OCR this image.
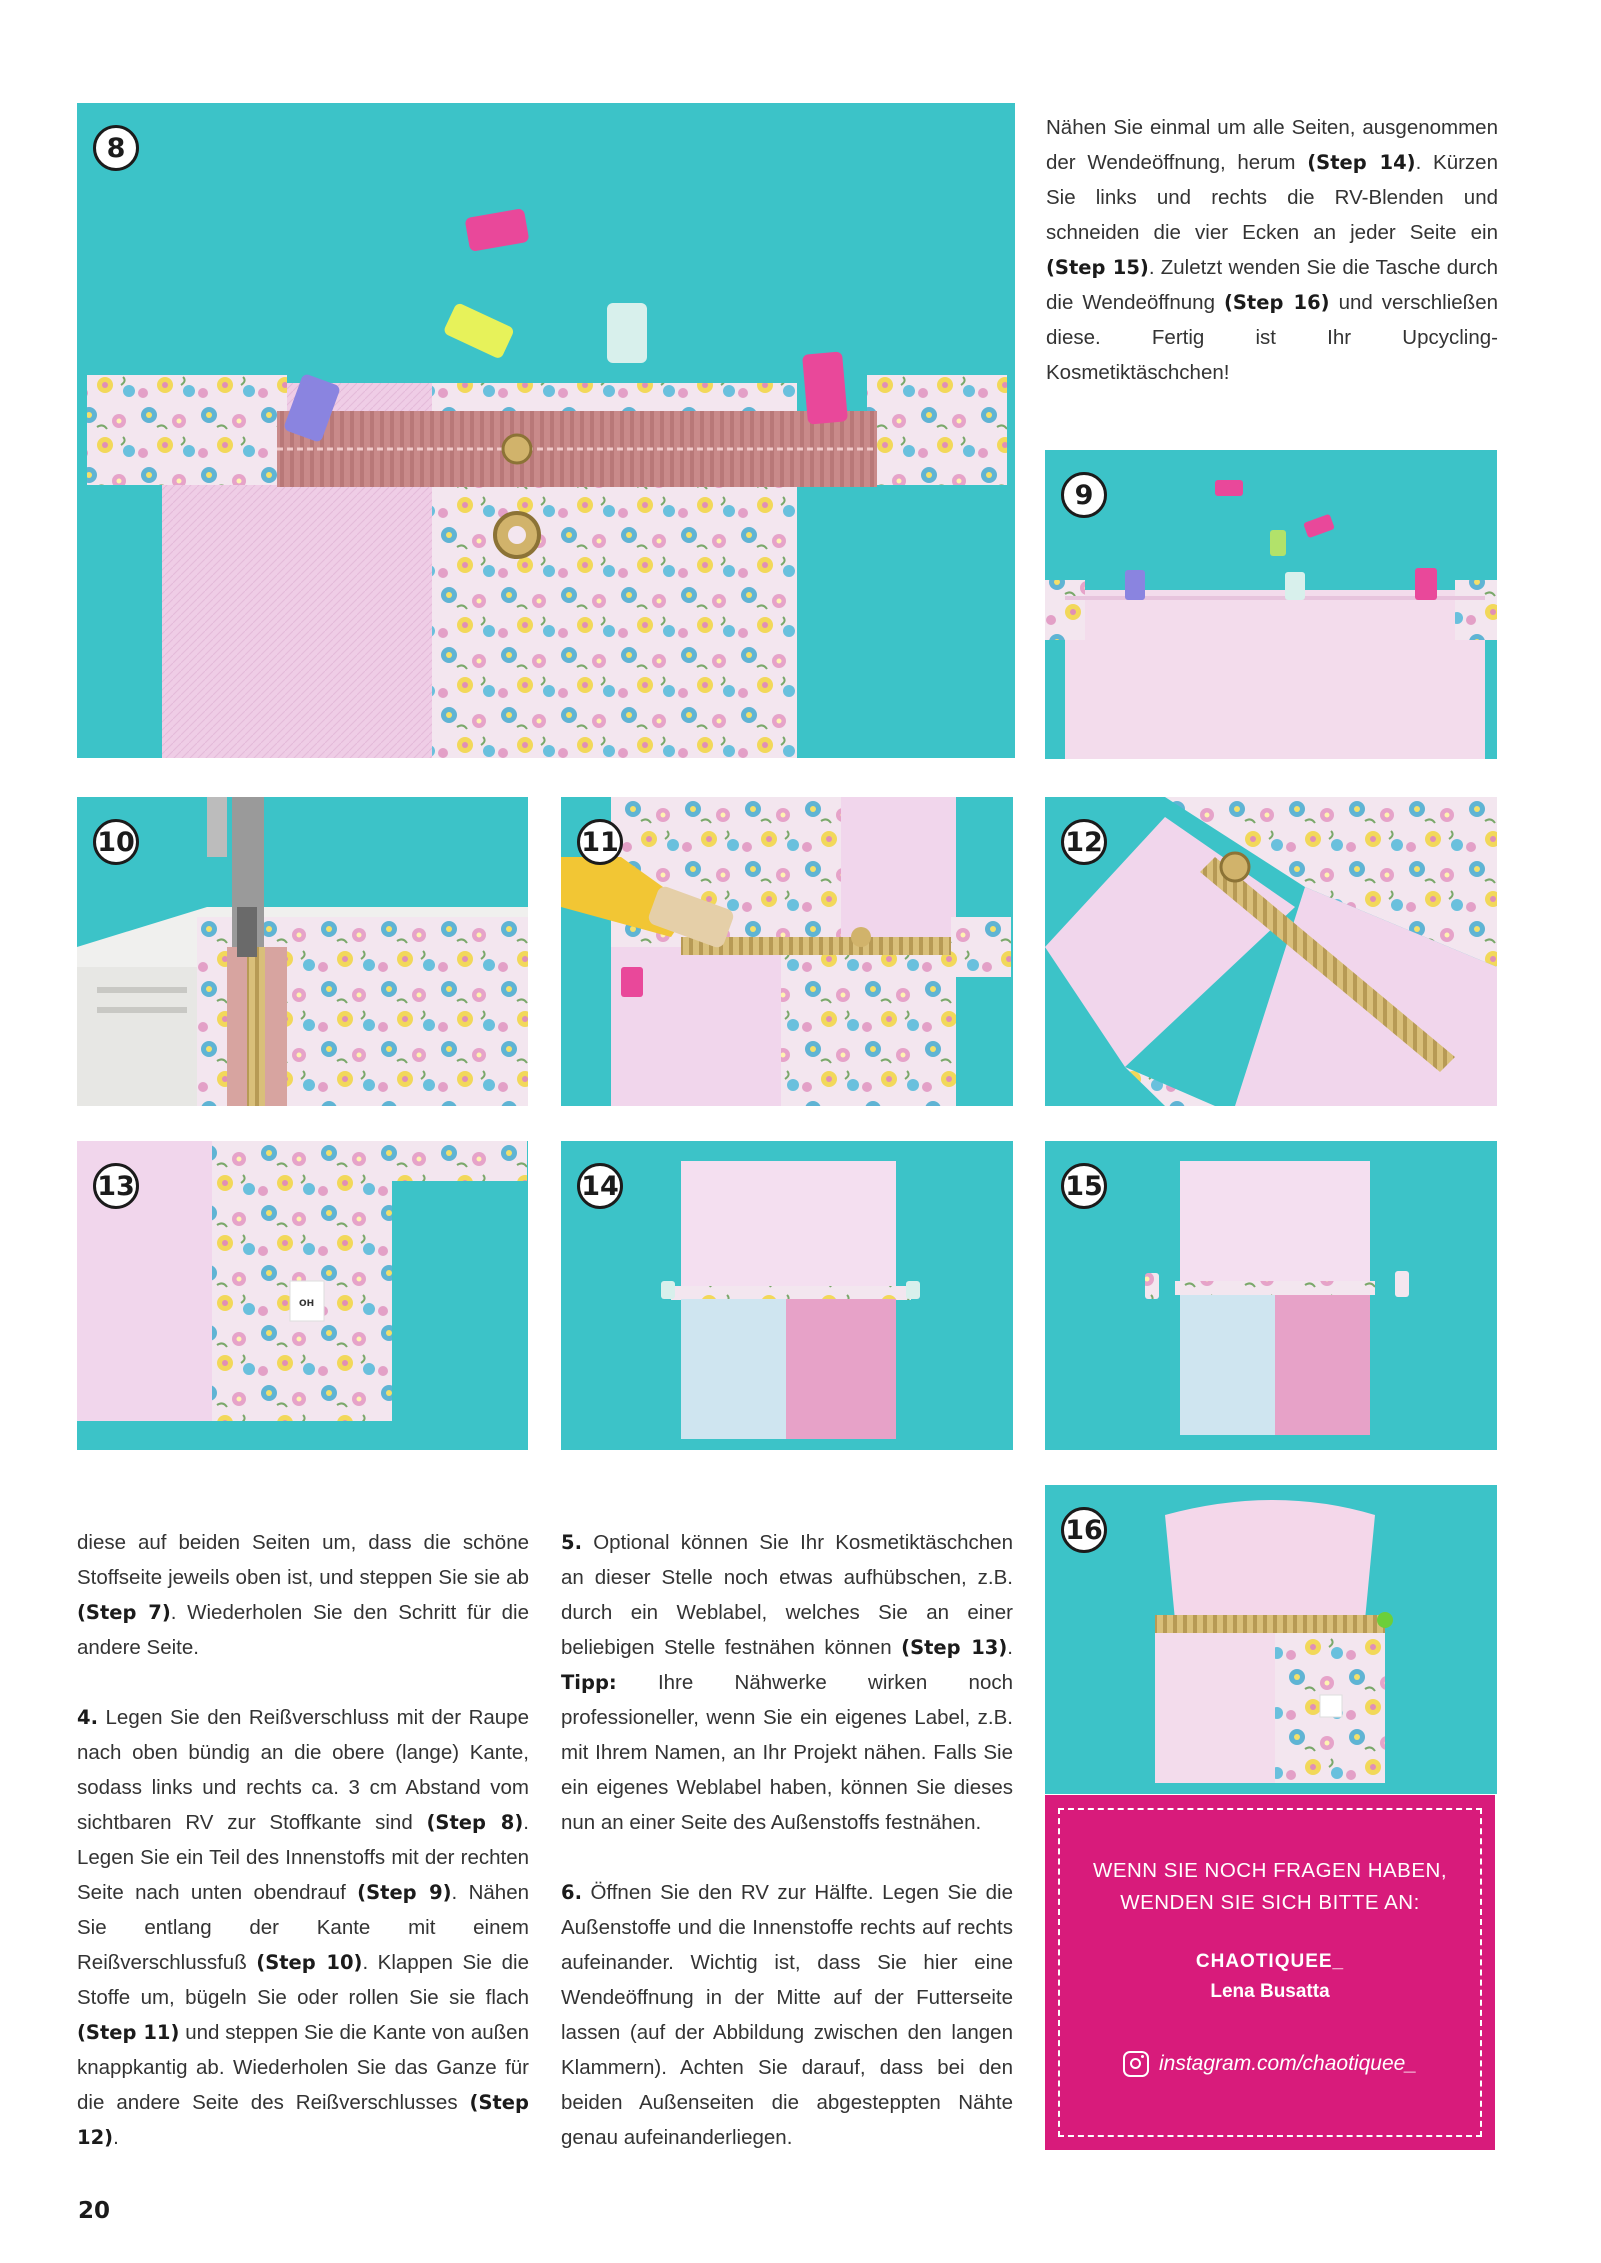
8

Nähen Sie einmal um alle Seiten, ausgenommen der Wendeöffnung, herum (Step 14). Kürzen Sie links und rechts die RV-Blenden und schneiden die vier Ecken an jeder Seite ein (Step 15). Zuletzt wenden Sie die Tasche durch die Wendeöffnung (Step 16) und verschließen diese. Fertig ist Ihr Upcycling-Kosmetiktäschchen!

9
10	11	12
OH
13	14	15
16

diese auf beiden Seiten um, dass die schöne Stoffseite jeweils oben ist, und steppen Sie sie ab (Step 7). Wiederholen Sie den Schritt für die andere Seite.

4. Legen Sie den Reißverschluss mit der Raupe nach oben bündig an die obere (lange) Kante, sodass links und rechts ca. 3 cm Abstand vom sichtbaren RV zur Stoffkante sind (Step 8). Legen Sie ein Teil des Innenstoffs mit der rechten Seite nach unten obendrauf (Step 9). Nähen Sie entlang der Kante mit einem Reißverschlussfuß (Step 10). Klappen Sie die Stoffe um, bügeln Sie oder rollen Sie sie flach (Step 11) und steppen Sie die Kante von außen knappkantig ab. Wiederholen Sie das Ganze für die andere Seite des Reißverschlusses (Step 12).

5. Optional können Sie Ihr Kosmetiktäschchen an dieser Stelle noch etwas aufhübschen, z.B. durch ein Weblabel, welches Sie an einer beliebigen Stelle festnähen können (Step 13). Tipp: Ihre Nähwerke wirken noch professioneller, wenn Sie ein eigenes Label, z.B. mit Ihrem Namen, an Ihr Projekt nähen. Falls Sie ein eigenes Weblabel haben, können Sie dieses nun an einer Seite des Außenstoffs festnähen.

6. Öffnen Sie den RV zur Hälfte. Legen Sie die Außenstoffe und die Innenstoffe rechts auf rechts aufeinander. Wichtig ist, dass Sie hier eine Wendeöffnung in der Mitte auf der Futterseite lassen (auf der Abbildung zwischen den langen Klammern). Achten Sie darauf, dass bei den beiden Außenseiten die abgesteppten Nähte genau aufeinanderliegen.

WENN SIE NOCH FRAGEN HABEN,
WENDEN SIE SICH BITTE AN:
CHAOTIQUEE_
Lena Busatta
instagram.com/chaotiquee_
20
